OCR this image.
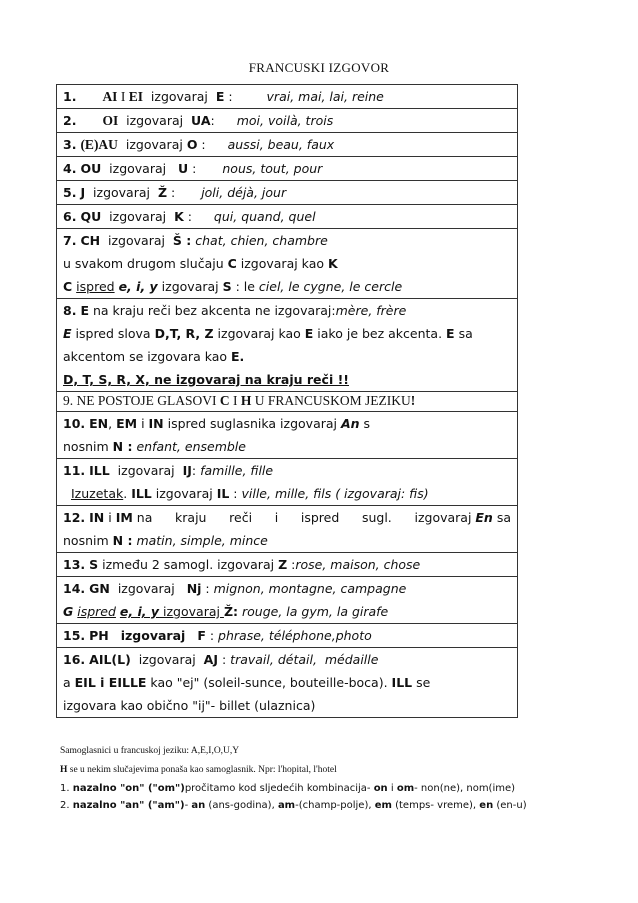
FRANCUSKI IZGOVOR
1. AI I EI  izgovaraj  E :	vrai, mai, lai, reine
2. OI  izgovaraj  UA: moi, voilà, trois
3. (E)AU  izgovaraj O : aussi, beau, faux
4. OU  izgovaraj   U : nous, tout, pour
5. J  izgovaraj  Ž : joli, déjà, jour
6. QU  izgovaraj  K : qui, quand, quel
7. CH  izgovaraj  Š : chat, chien, chambre
u svakom drugom slučaju C izgovaraj kao K
C ispred e, i, y izgovaraj S : le ciel, le cygne, le cercle
8. E na kraju reči bez akcenta ne izgovaraj:mère, frère
E ispred slova D,T, R, Z izgovaraj kao E iako je bez akcenta. E sa
akcentom se izgovara kao E.
D, T, S, R, X, ne izgovaraj na kraju reči !!
9. NE POSTOJE GLASOVI C I H U FRANCUSKOM JEZIKU!
10. EN, EM i IN ispred suglasnika izgovaraj An s
nosnim N : enfant, ensemble
11. ILL  izgovaraj  IJ: famille, fille
Izuzetak. ILL izgovaraj IL : ville, mille, fils ( izgovaraj: fis)
12. IN i IM na kraju reči i ispred sugl. izgovaraj En sa
nosnim N : matin, simple, mince
13. S između 2 samogl. izgovaraj Z :rose, maison, chose
14. GN  izgovaraj   Nj : mignon, montagne, campagne
G ispred e, i, y izgovaraj Ž: rouge, la gym, la girafe
15. PH izgovaraj F : phrase, téléphone,photo
16. AIL(L)  izgovaraj  AJ : travail, détail,  médaille
a EIL i EILLE kao "ej" (soleil-sunce, bouteille-boca). ILL se
izgovara kao obično "ij"- billet (ulaznica)
Samoglasnici u francuskoj jeziku: A,E,I,O,U,Y
H se u nekim slučajevima ponaša kao samoglasnik. Npr: l'hopital, l'hotel
1. nazalno "on" ("om")pročitamo kod sljedećih kombinacija- on i om- non(ne), nom(ime)
2. nazalno "an" ("am")- an (ans-godina), am-(champ-polje), em (temps- vreme), en (en-u)
